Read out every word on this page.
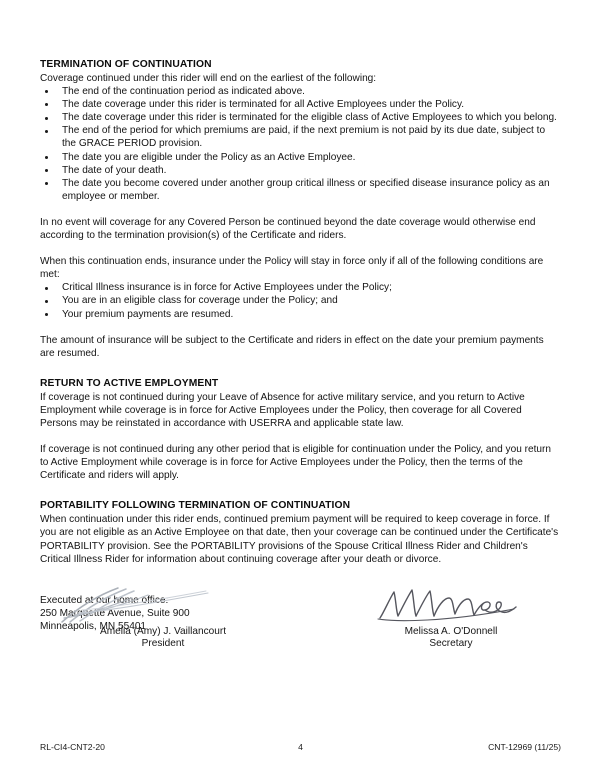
TERMINATION OF CONTINUATION

Coverage continued under this rider will end on the earliest of the following:

The end of the continuation period as indicated above.
The date coverage under this rider is terminated for all Active Employees under the Policy.
The date coverage under this rider is terminated for the eligible class of Active Employees to which you belong.
The end of the period for which premiums are paid, if the next premium is not paid by its due date, subject to the GRACE PERIOD provision.
The date you are eligible under the Policy as an Active Employee.
The date of your death.
The date you become covered under another group critical illness or specified disease insurance policy as an employee or member.

In no event will coverage for any Covered Person be continued beyond the date coverage would otherwise end according to the termination provision(s) of the Certificate and riders.

When this continuation ends, insurance under the Policy will stay in force only if all of the following conditions are met:

Critical Illness insurance is in force for Active Employees under the Policy;
You are in an eligible class for coverage under the Policy; and
Your premium payments are resumed.

The amount of insurance will be subject to the Certificate and riders in effect on the date your premium payments are resumed.

RETURN TO ACTIVE EMPLOYMENT

If coverage is not continued during your Leave of Absence for active military service, and you return to Active Employment while coverage is in force for Active Employees under the Policy, then coverage for all Covered Persons may be reinstated in accordance with USERRA and applicable state law.

If coverage is not continued during any other period that is eligible for continuation under the Policy, and you return to Active Employment while coverage is in force for Active Employees under the Policy, then the terms of the Certificate and riders will apply.

PORTABILITY FOLLOWING TERMINATION OF CONTINUATION

When continuation under this rider ends, continued premium payment will be required to keep coverage in force. If you are not eligible as an Active Employee on that date, then your coverage can be continued under the Certificate's PORTABILITY provision. See the PORTABILITY provisions of the Spouse Critical Illness Rider and Children's Critical Illness Rider for information about continuing coverage after your death or divorce.

Executed at our home office:

250 Marquette Avenue, Suite 900

Minneapolis, MN 55401

Amelia (Amy) J. Vaillancourt
President
Melissa A. O'Donnell
Secretary
RL-CI4-CNT2-20	4	CNT-12969 (11/25)
